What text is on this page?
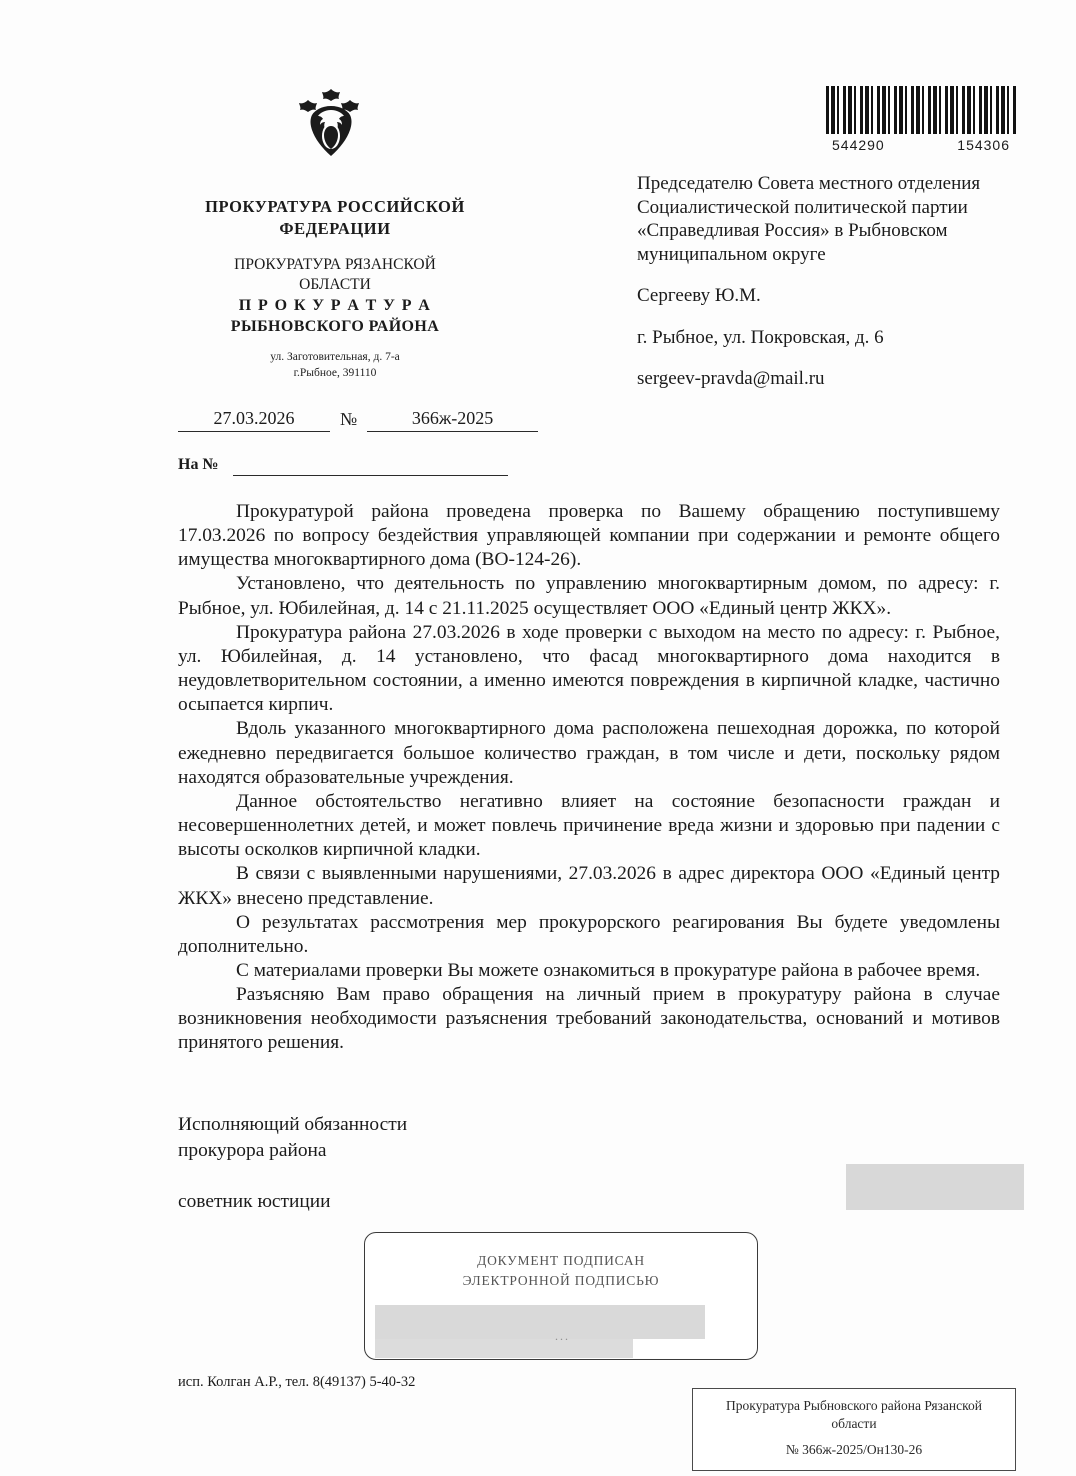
544290	154306
ПРОКУРАТУРА РОССИЙСКОЙ
ФЕДЕРАЦИИ
ПРОКУРАТУРА РЯЗАНСКОЙ
ОБЛАСТИ
П Р О К У Р А Т У Р А
РЫБНОВСКОГО РАЙОНА
ул. Заготовительная, д. 7-а
г.Рыбное, 391110
27.03.2026	№	366ж-2025
На №
Председателю Совета местного отделения Социалистической политической партии «Справедливая Россия» в Рыбновском муниципальном округе
Сергееву Ю.М.
г. Рыбное, ул. Покровская, д. 6
sergeev-pravda@mail.ru

Прокуратурой района проведена проверка по Вашему обращению поступившему 17.03.2026 по вопросу бездействия управляющей компании при содержании и ремонте общего имущества многоквартирного дома (ВО-124-26).

Установлено, что деятельность по управлению многоквартирным домом, по адресу: г. Рыбное, ул. Юбилейная, д. 14 с 21.11.2025 осуществляет ООО «Единый центр ЖКХ».

Прокуратура района 27.03.2026 в ходе проверки с выходом на место по адресу: г. Рыбное, ул. Юбилейная, д. 14 установлено, что фасад многоквартирного дома находится в неудовлетворительном состоянии, а именно имеются повреждения в кирпичной кладке, частично осыпается кирпич.

Вдоль указанного многоквартирного дома расположена пешеходная дорожка, по которой ежедневно передвигается большое количество граждан, в том числе и дети, поскольку рядом находятся образовательные учреждения.

Данное обстоятельство негативно влияет на состояние безопасности граждан и несовершеннолетних детей, и может повлечь причинение вреда жизни и здоровью при падении с высоты осколков кирпичной кладки.

В связи с выявленными нарушениями, 27.03.2026 в адрес директора ООО «Единый центр ЖКХ» внесено представление.

О результатах рассмотрения мер прокурорского реагирования Вы будете уведомлены дополнительно.

С материалами проверки Вы можете ознакомиться в прокуратуре района в рабочее время.

Разъясняю Вам право обращения на личный прием в прокуратуру района в случае возникновения необходимости разъяснения требований законодательства, оснований и мотивов принятого решения.

Исполняющий обязанности
прокурора района
советник юстиции
ДОКУМЕНТ ПОДПИСАН
ЭЛЕКТРОННОЙ ПОДПИСЬЮ
...
исп. Колган А.Р., тел. 8(49137) 5-40-32
Прокуратура Рыбновского района Рязанской
области
№ 366ж-2025/Он130-26
